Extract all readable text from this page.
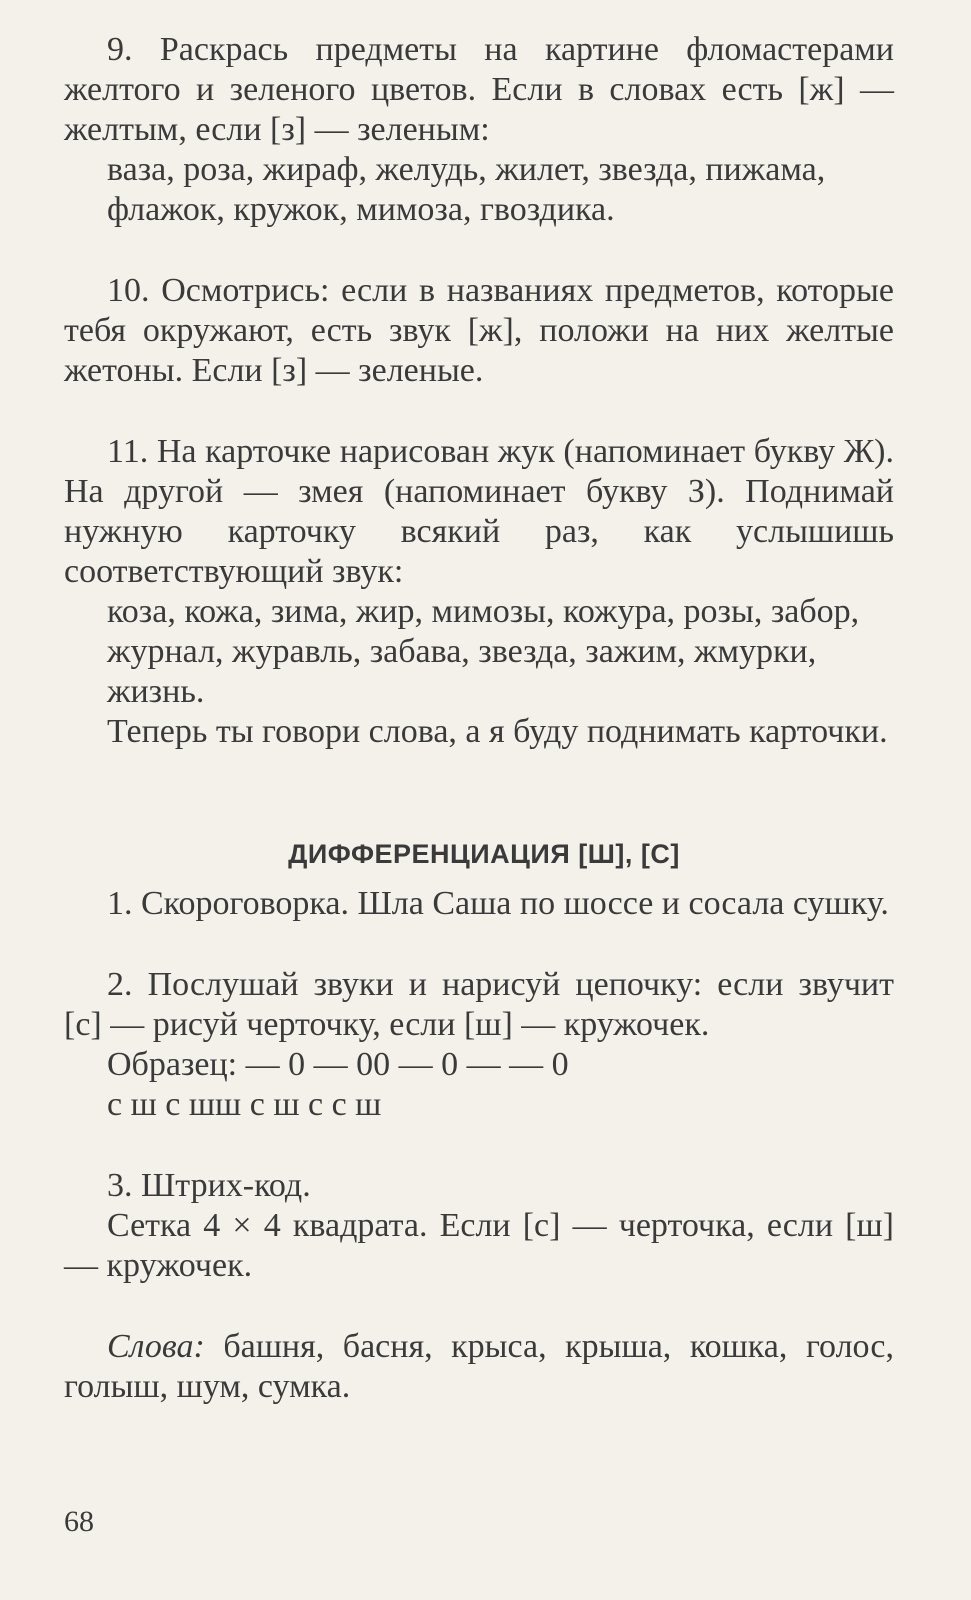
9. Раскрась предметы на картине фломастерами желтого и зеленого цветов. Если в словах есть [ж] — желтым, если [з] — зеленым:

ваза, роза, жираф, желудь, жилет, звезда, пижама, флажок, кружок, мимоза, гвоздика.

10. Осмотрись: если в названиях предметов, которые тебя окружают, есть звук [ж], положи на них желтые жетоны. Если [з] — зеленые.

11. На карточке нарисован жук (напоминает букву Ж). На другой — змея (напоминает букву З). Поднимай нужную карточку всякий раз, как услышишь соответствующий звук:

коза, кожа, зима, жир, мимозы, кожура, розы, забор, журнал, журавль, забава, звезда, зажим, жмурки, жизнь.

Теперь ты говори слова, а я буду поднимать карточки.

ДИФФЕРЕНЦИАЦИЯ [Ш], [С]

1. Скороговорка. Шла Саша по шоссе и сосала сушку.

2. Послушай звуки и нарисуй цепочку: если звучит [с] — рисуй черточку, если [ш] — кружочек.

Образец: — 0 — 00 — 0 — — 0

с ш с шш с ш с с ш

3. Штрих-код.

Сетка 4 × 4 квадрата. Если [с] — черточка, если [ш] — кружочек.

Слова: башня, басня, крыса, крыша, кошка, голос, голыш, шум, сумка.

68
